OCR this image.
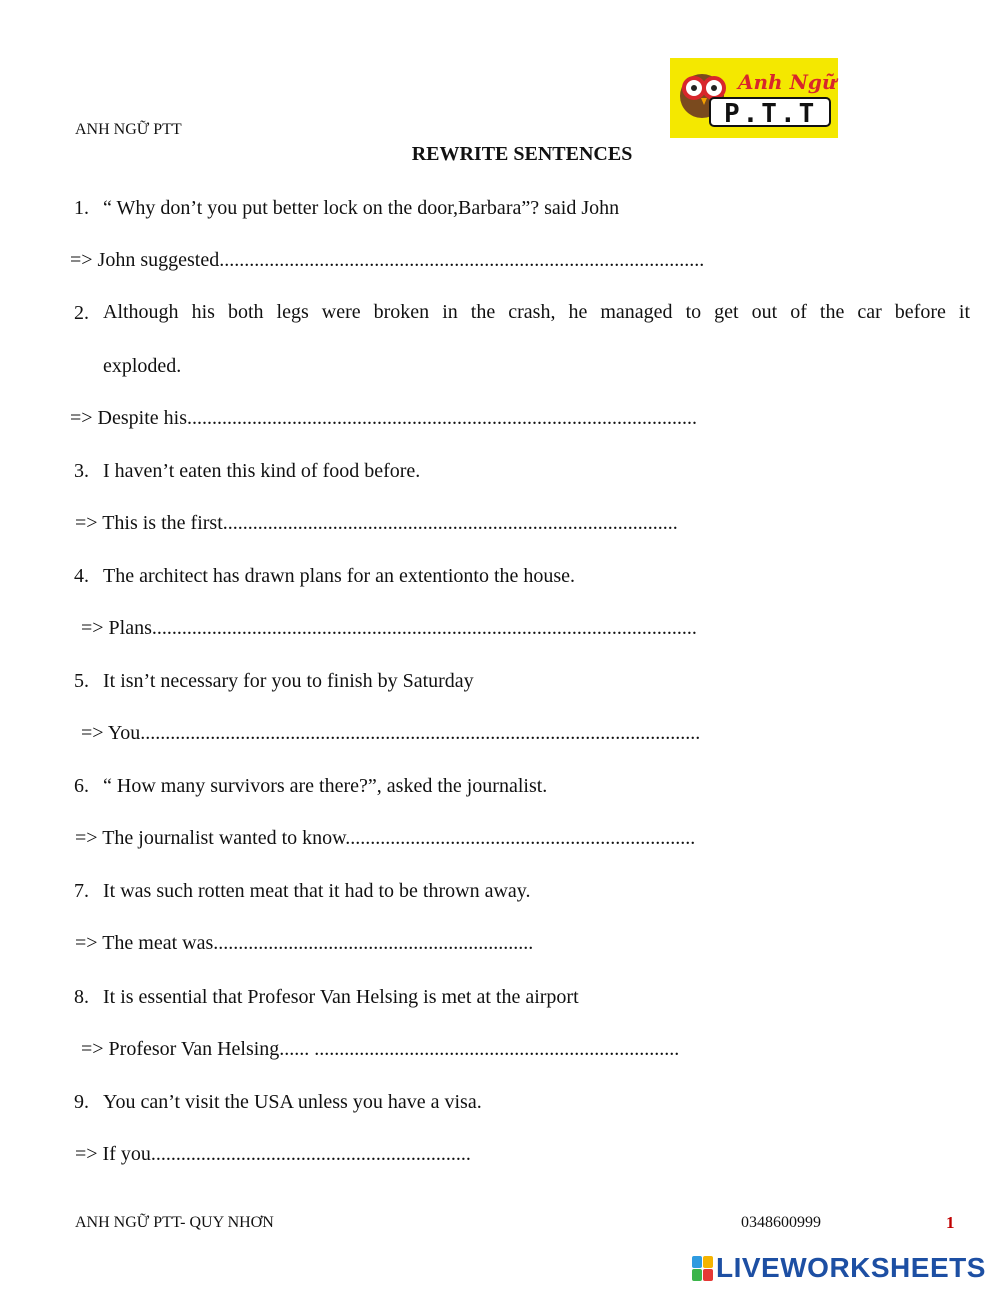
ANH NGỮ PTT
Anh Ngữ
P.T.T
REWRITE SENTENCES
1. “ Why don’t you put better lock on the door,Barbara”? said John
=> John suggested.................................................................................................
2. Although his both legs were broken in the crash, he managed to get out of the car before it
exploded.
=> Despite his......................................................................................................
3. I haven’t eaten this kind of food before.
=> This is the first...........................................................................................
4. The architect has drawn plans for an extentionto the house.
=> Plans.............................................................................................................
5. It isn’t necessary for you to finish by Saturday
=> You................................................................................................................
6. “ How many survivors are there?”, asked the journalist.
=> The journalist wanted to know......................................................................
7. It was such rotten meat that it had to be thrown away.
=> The meat was................................................................
8. It is essential that Profesor Van Helsing is met at the airport
=> Profesor Van Helsing...... .........................................................................
9. You can’t visit the USA unless you have a visa.
=> If you................................................................
ANH NGỮ PTT- QUY NHƠN	0348600999	1
LIVEWORKSHEETS
